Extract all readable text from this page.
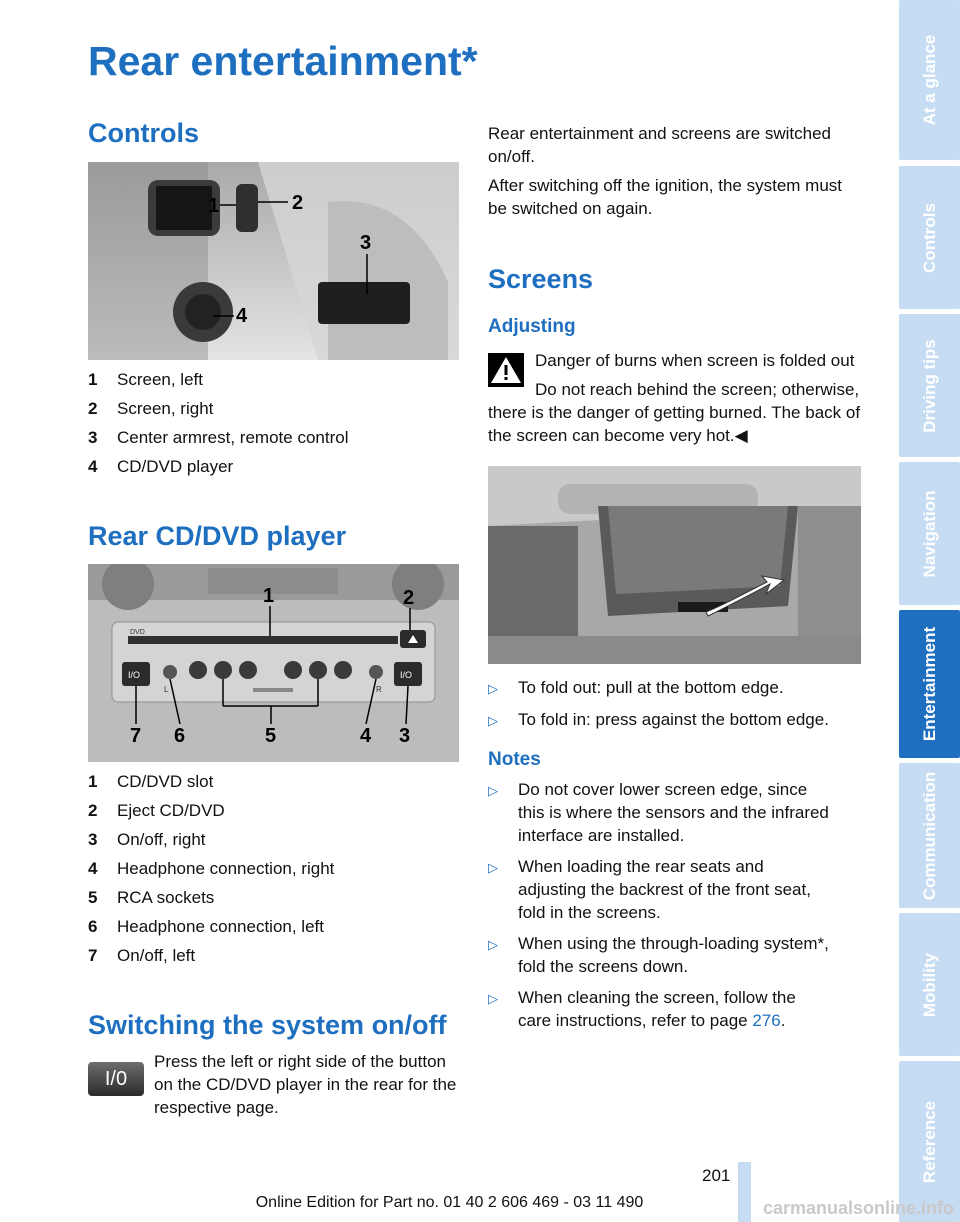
Rear entertainment*
Controls
1	2
3
4
1	Screen, left
2	Screen, right
3	Center armrest, remote control
4	CD/DVD player
Rear CD/DVD player
DVD
I/O	I/O
L	R
1	2
7 6	5	4 3
1	CD/DVD slot
2	Eject CD/DVD
3	On/off, right
4	Headphone connection, right
5	RCA sockets
6	Headphone connection, left
7	On/off, left
Switching the system on/off
I/0

Press the left or right side of the button on the CD/DVD player in the rear for the respective page.

Rear entertainment and screens are switched on/off.

After switching off the ignition, the system must be switched on again.

Screens
Adjusting

Danger of burns when screen is folded out

Do not reach behind the screen; otherwise, there is the danger of getting burned. The back of the screen can become very hot.◀

▷	To fold out: pull at the bottom edge.
▷	To fold in: press against the bottom edge.
Notes
▷	Do not cover lower screen edge, since this is where the sensors and the infrared interface are installed.
▷	When loading the rear seats and adjusting the backrest of the front seat, fold in the screens.
▷	When using the through-loading system*, fold the screens down.
▷	When cleaning the screen, follow the care instructions, refer to page 276.
At a glance
Controls
Driving tips
Navigation
Entertainment
Communication
Mobility
Reference
201
Online Edition for Part no. 01 40 2 606 469 - 03 11 490	carmanualsonline.info
